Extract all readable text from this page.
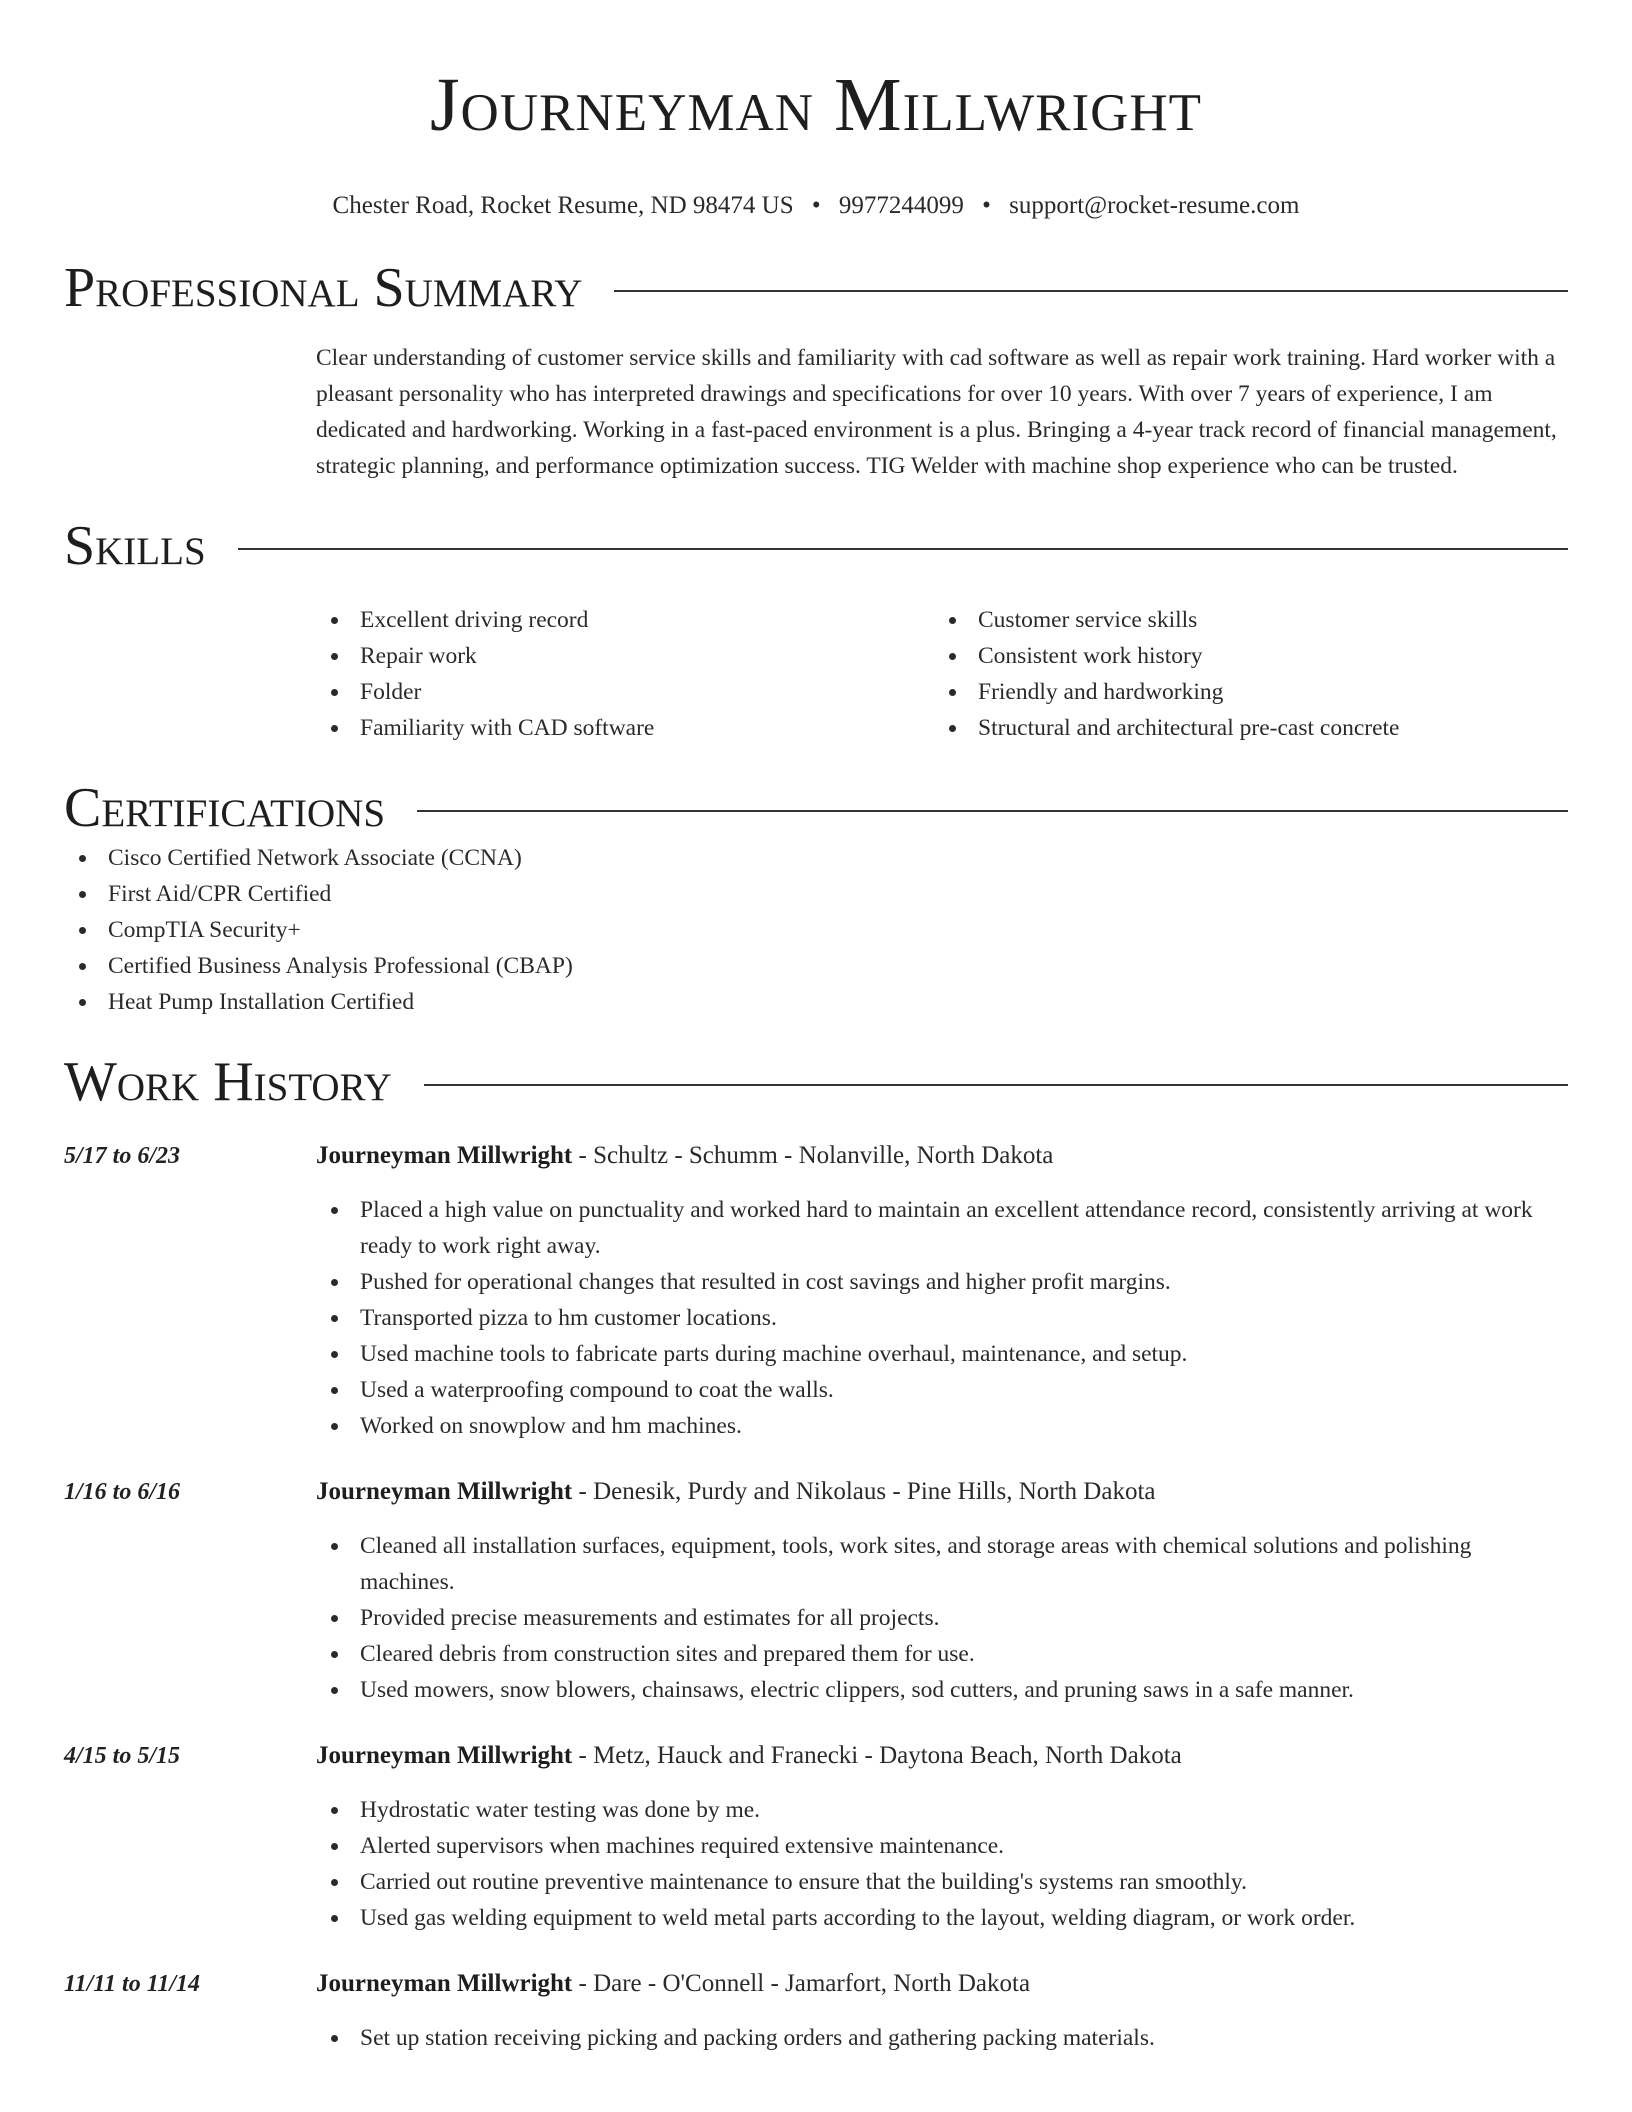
Journeyman Millwright
Chester Road, Rocket Resume, ND 98474 US • 9977244099 • support@rocket-resume.com
Professional Summary
Clear understanding of customer service skills and familiarity with cad software as well as repair work training. Hard worker with a pleasant personality who has interpreted drawings and specifications for over 10 years. With over 7 years of experience, I am dedicated and hardworking. Working in a fast-paced environment is a plus. Bringing a 4-year track record of financial management, strategic planning, and performance optimization success. TIG Welder with machine shop experience who can be trusted.
Skills
Excellent driving record
Repair work
Folder
Familiarity with CAD software
Customer service skills
Consistent work history
Friendly and hardworking
Structural and architectural pre-cast concrete
Certifications
Cisco Certified Network Associate (CCNA)
First Aid/CPR Certified
CompTIA Security+
Certified Business Analysis Professional (CBAP)
Heat Pump Installation Certified
Work History
5/17 to 6/23	Journeyman Millwright - Schultz - Schumm - Nolanville, North Dakota
Placed a high value on punctuality and worked hard to maintain an excellent attendance record, consistently arriving at work ready to work right away.
Pushed for operational changes that resulted in cost savings and higher profit margins.
Transported pizza to hm customer locations.
Used machine tools to fabricate parts during machine overhaul, maintenance, and setup.
Used a waterproofing compound to coat the walls.
Worked on snowplow and hm machines.
1/16 to 6/16	Journeyman Millwright - Denesik, Purdy and Nikolaus - Pine Hills, North Dakota
Cleaned all installation surfaces, equipment, tools, work sites, and storage areas with chemical solutions and polishing machines.
Provided precise measurements and estimates for all projects.
Cleared debris from construction sites and prepared them for use.
Used mowers, snow blowers, chainsaws, electric clippers, sod cutters, and pruning saws in a safe manner.
4/15 to 5/15	Journeyman Millwright - Metz, Hauck and Franecki - Daytona Beach, North Dakota
Hydrostatic water testing was done by me.
Alerted supervisors when machines required extensive maintenance.
Carried out routine preventive maintenance to ensure that the building's systems ran smoothly.
Used gas welding equipment to weld metal parts according to the layout, welding diagram, or work order.
11/11 to 11/14	Journeyman Millwright - Dare - O'Connell - Jamarfort, North Dakota
Set up station receiving picking and packing orders and gathering packing materials.
